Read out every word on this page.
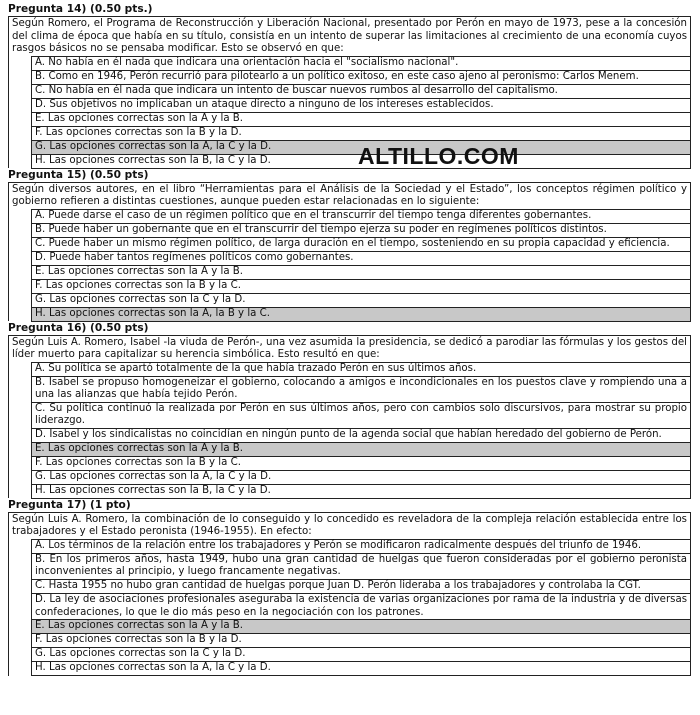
Pregunta 14) (0.50 pts.)
Según Romero, el Programa de Reconstrucción y Liberación Nacional, presentado por Perón en mayo de 1973, pese a la concesión del clima de época que había en su título, consistía en un intento de superar las limitaciones al crecimiento de una economía cuyos rasgos básicos no se pensaba modificar. Esto se observó en que:
	A. No había en él nada que indicara una orientación hacia el "socialismo nacional".
	B. Como en 1946, Perón recurrió para pilotearlo a un político exitoso, en este caso ajeno al peronismo: Carlos Menem.
	C. No había en él nada que indicara un intento de buscar nuevos rumbos al desarrollo del capitalismo.
	D. Sus objetivos no implicaban un ataque directo a ninguno de los intereses establecidos.
	E. Las opciones correctas son la A y la B.
	F. Las opciones correctas son la B y la D.
	G. Las opciones correctas son la A, la C y la D.
	H. Las opciones correctas son la B, la C y la D.
Pregunta 15) (0.50 pts)
Según diversos autores, en el libro “Herramientas para el Análisis de la Sociedad y el Estado”, los conceptos régimen político y gobierno refieren a distintas cuestiones, aunque pueden estar relacionadas en lo siguiente:
	A. Puede darse el caso de un régimen político que en el transcurrir del tiempo tenga diferentes gobernantes.
	B. Puede haber un gobernante que en el transcurrir del tiempo ejerza su poder en regímenes políticos distintos.
	C. Puede haber un mismo régimen político, de larga duración en el tiempo, sosteniendo en su propia capacidad y eficiencia.
	D. Puede haber tantos regímenes políticos como gobernantes.
	E. Las opciones correctas son la A y la B.
	F. Las opciones correctas son la B y la C.
	G. Las opciones correctas son la C y la D.
	H. Las opciones correctas son la A, la B y la C.
Pregunta 16) (0.50 pts)
Según Luis A. Romero, Isabel -la viuda de Perón-, una vez asumida la presidencia, se dedicó a parodiar las fórmulas y los gestos del líder muerto para capitalizar su herencia simbólica. Esto resultó en que:
	A. Su política se apartó totalmente de la que había trazado Perón en sus últimos años.
	B. Isabel se propuso homogeneizar el gobierno, colocando a amigos e incondicionales en los puestos clave y rompiendo una a una las alianzas que había tejido Perón.
	C. Su política continuó la realizada por Perón en sus últimos años, pero con cambios solo discursivos, para mostrar su propio liderazgo.
	D. Isabel y los sindicalistas no coincidían en ningún punto de la agenda social que habían heredado del gobierno de Perón.
	E. Las opciones correctas son la A y la B.
	F. Las opciones correctas son la B y la C.
	G. Las opciones correctas son la A, la C y la D.
	H. Las opciones correctas son la B, la C y la D.
Pregunta 17) (1 pto)
Según Luis A. Romero, la combinación de lo conseguido y lo concedido es reveladora de la compleja relación establecida entre los trabajadores y el Estado peronista (1946-1955). En efecto:
	A. Los términos de la relación entre los trabajadores y Perón se modificaron radicalmente después del triunfo de 1946.
	B. En los primeros años, hasta 1949, hubo una gran cantidad de huelgas que fueron consideradas por el gobierno peronista inconvenientes al principio, y luego francamente negativas.
	C. Hasta 1955 no hubo gran cantidad de huelgas porque Juan D. Perón lideraba a los trabajadores y controlaba la CGT.
	D. La ley de asociaciones profesionales aseguraba la existencia de varias organizaciones por rama de la industria y de diversas confederaciones, lo que le dio más peso en la negociación con los patrones.
	E. Las opciones correctas son la A y la B.
	F. Las opciones correctas son la B y la D.
	G. Las opciones correctas son la C y la D.
	H. Las opciones correctas son la A, la C y la D.
ALTILLO.COM
